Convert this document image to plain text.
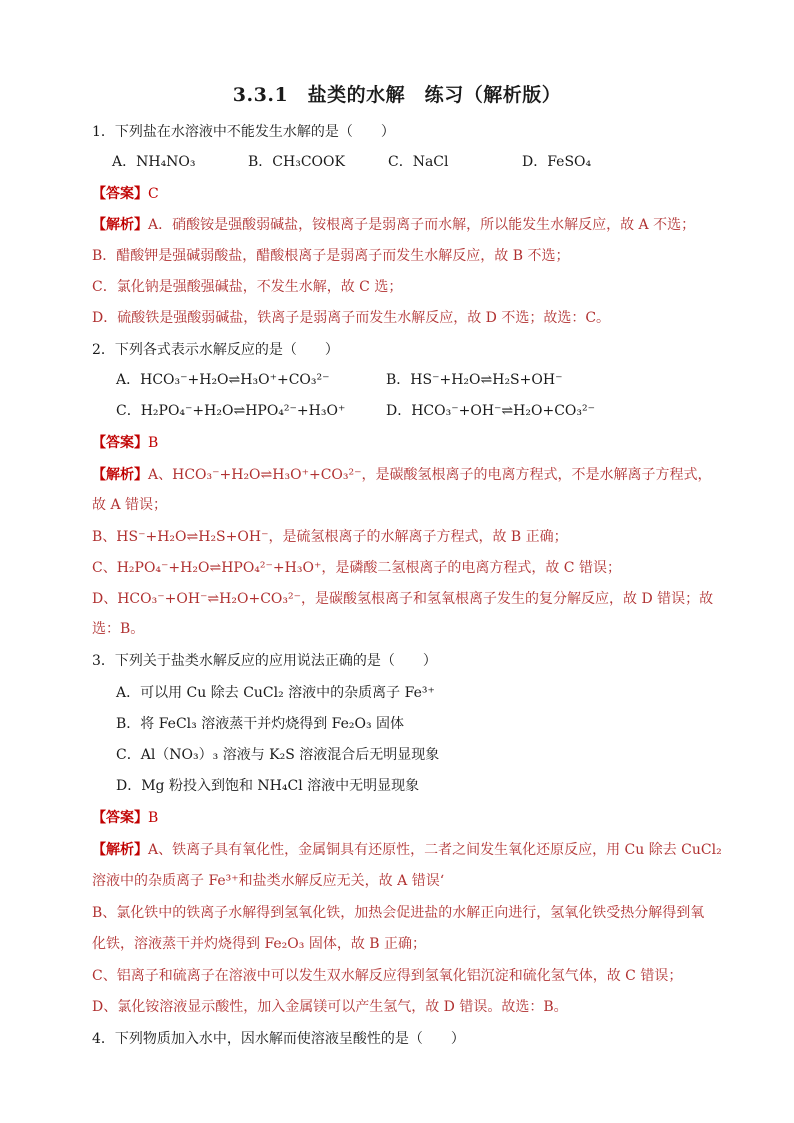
3.3.1　盐类的水解　练习（解析版）
1．下列盐在水溶液中不能发生水解的是（　　）
A．NH₄NO₃	B．CH₃COOK	C．NaCl	D．FeSO₄
【答案】C
【解析】A．硝酸铵是强酸弱碱盐，铵根离子是弱离子而水解，所以能发生水解反应，故 A 不选；
B．醋酸钾是强碱弱酸盐，醋酸根离子是弱离子而发生水解反应，故 B 不选；
C．氯化钠是强酸强碱盐，不发生水解，故 C 选；
D．硫酸铁是强酸弱碱盐，铁离子是弱离子而发生水解反应，故 D 不选；故选：C。
2．下列各式表示水解反应的是（　　）
A．HCO₃⁻+H₂O⇌H₃O⁺+CO₃²⁻	B．HS⁻+H₂O⇌H₂S+OH⁻
C．H₂PO₄⁻+H₂O⇌HPO₄²⁻+H₃O⁺	D．HCO₃⁻+OH⁻⇌H₂O+CO₃²⁻
【答案】B
【解析】A、HCO₃⁻+H₂O⇌H₃O⁺+CO₃²⁻，是碳酸氢根离子的电离方程式，不是水解离子方程式，
故 A 错误；
B、HS⁻+H₂O⇌H₂S+OH⁻，是硫氢根离子的水解离子方程式，故 B 正确；
C、H₂PO₄⁻+H₂O⇌HPO₄²⁻+H₃O⁺，是磷酸二氢根离子的电离方程式，故 C 错误；
D、HCO₃⁻+OH⁻⇌H₂O+CO₃²⁻，是碳酸氢根离子和氢氧根离子发生的复分解反应，故 D 错误；故
选：B。
3．下列关于盐类水解反应的应用说法正确的是（　　）
A．可以用 Cu 除去 CuCl₂ 溶液中的杂质离子 Fe³⁺
B．将 FeCl₃ 溶液蒸干并灼烧得到 Fe₂O₃ 固体
C．Al（NO₃）₃ 溶液与 K₂S 溶液混合后无明显现象
D．Mg 粉投入到饱和 NH₄Cl 溶液中无明显现象
【答案】B
【解析】A、铁离子具有氧化性，金属铜具有还原性，二者之间发生氧化还原反应，用 Cu 除去 CuCl₂
溶液中的杂质离子 Fe³⁺和盐类水解反应无关，故 A 错误‘
B、氯化铁中的铁离子水解得到氢氧化铁，加热会促进盐的水解正向进行，氢氧化铁受热分解得到氧
化铁，溶液蒸干并灼烧得到 Fe₂O₃ 固体，故 B 正确；
C、铝离子和硫离子在溶液中可以发生双水解反应得到氢氧化铝沉淀和硫化氢气体，故 C 错误；
D、氯化铵溶液显示酸性，加入金属镁可以产生氢气，故 D 错误。故选：B。
4．下列物质加入水中，因水解而使溶液呈酸性的是（　　）
